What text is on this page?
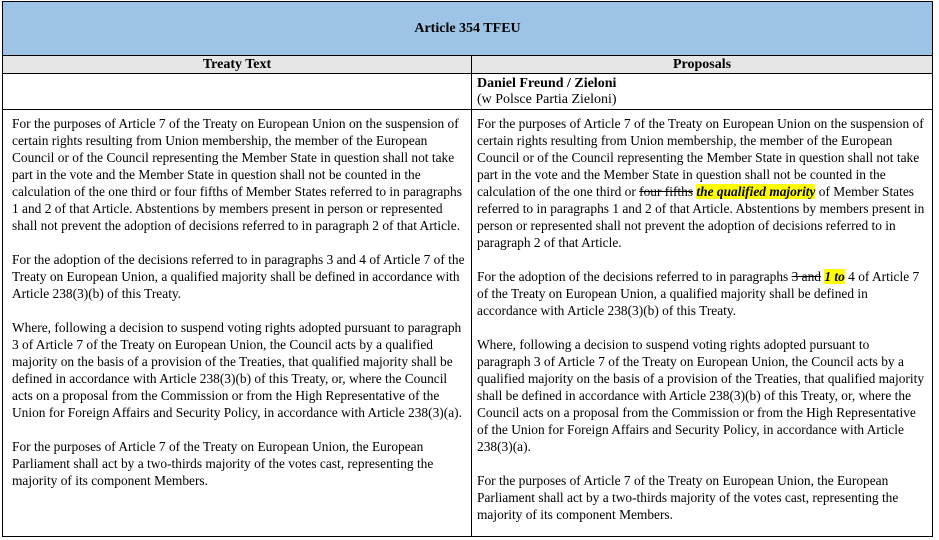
Article 354 TFEU
Treaty Text	Proposals
Daniel Freund / Zieloni
(w Polsce Partia Zieloni)

For the purposes of Article 7 of the Treaty on European Union on the suspension of certain rights resulting from Union membership, the member of the European Council or of the Council representing the Member State in question shall not take part in the vote and the Member State in question shall not be counted in the calculation of the one third or four fifths of Member States referred to in paragraphs 1 and 2 of that Article. Abstentions by members present in person or represented shall not prevent the adoption of decisions referred to in paragraph 2 of that Article.

For the adoption of the decisions referred to in paragraphs 3 and 4 of Article 7 of the Treaty on European Union, a qualified majority shall be defined in accordance with Article 238(3)(b) of this Treaty.

Where, following a decision to suspend voting rights adopted pursuant to paragraph 3 of Article 7 of the Treaty on European Union, the Council acts by a qualified majority on the basis of a provision of the Treaties, that qualified majority shall be defined in accordance with Article 238(3)(b) of this Treaty, or, where the Council acts on a proposal from the Commission or from the High Representative of the Union for Foreign Affairs and Security Policy, in accordance with Article 238(3)(a).

For the purposes of Article 7 of the Treaty on European Union, the European Parliament shall act by a two-thirds majority of the votes cast, representing the majority of its component Members.

For the purposes of Article 7 of the Treaty on European Union on the suspension of certain rights resulting from Union membership, the member of the European Council or of the Council representing the Member State in question shall not take part in the vote and the Member State in question shall not be counted in the calculation of the one third or four fifths the qualified majority of Member States referred to in paragraphs 1 and 2 of that Article. Abstentions by members present in person or represented shall not prevent the adoption of decisions referred to in paragraph 2 of that Article.

For the adoption of the decisions referred to in paragraphs 3 and 1 to 4 of Article 7 of the Treaty on European Union, a qualified majority shall be defined in accordance with Article 238(3)(b) of this Treaty.

Where, following a decision to suspend voting rights adopted pursuant to paragraph 3 of Article 7 of the Treaty on European Union, the Council acts by a qualified majority on the basis of a provision of the Treaties, that qualified majority shall be defined in accordance with Article 238(3)(b) of this Treaty, or, where the Council acts on a proposal from the Commission or from the High Representative of the Union for Foreign Affairs and Security Policy, in accordance with Article 238(3)(a).

For the purposes of Article 7 of the Treaty on European Union, the European Parliament shall act by a two-thirds majority of the votes cast, representing the majority of its component Members.
